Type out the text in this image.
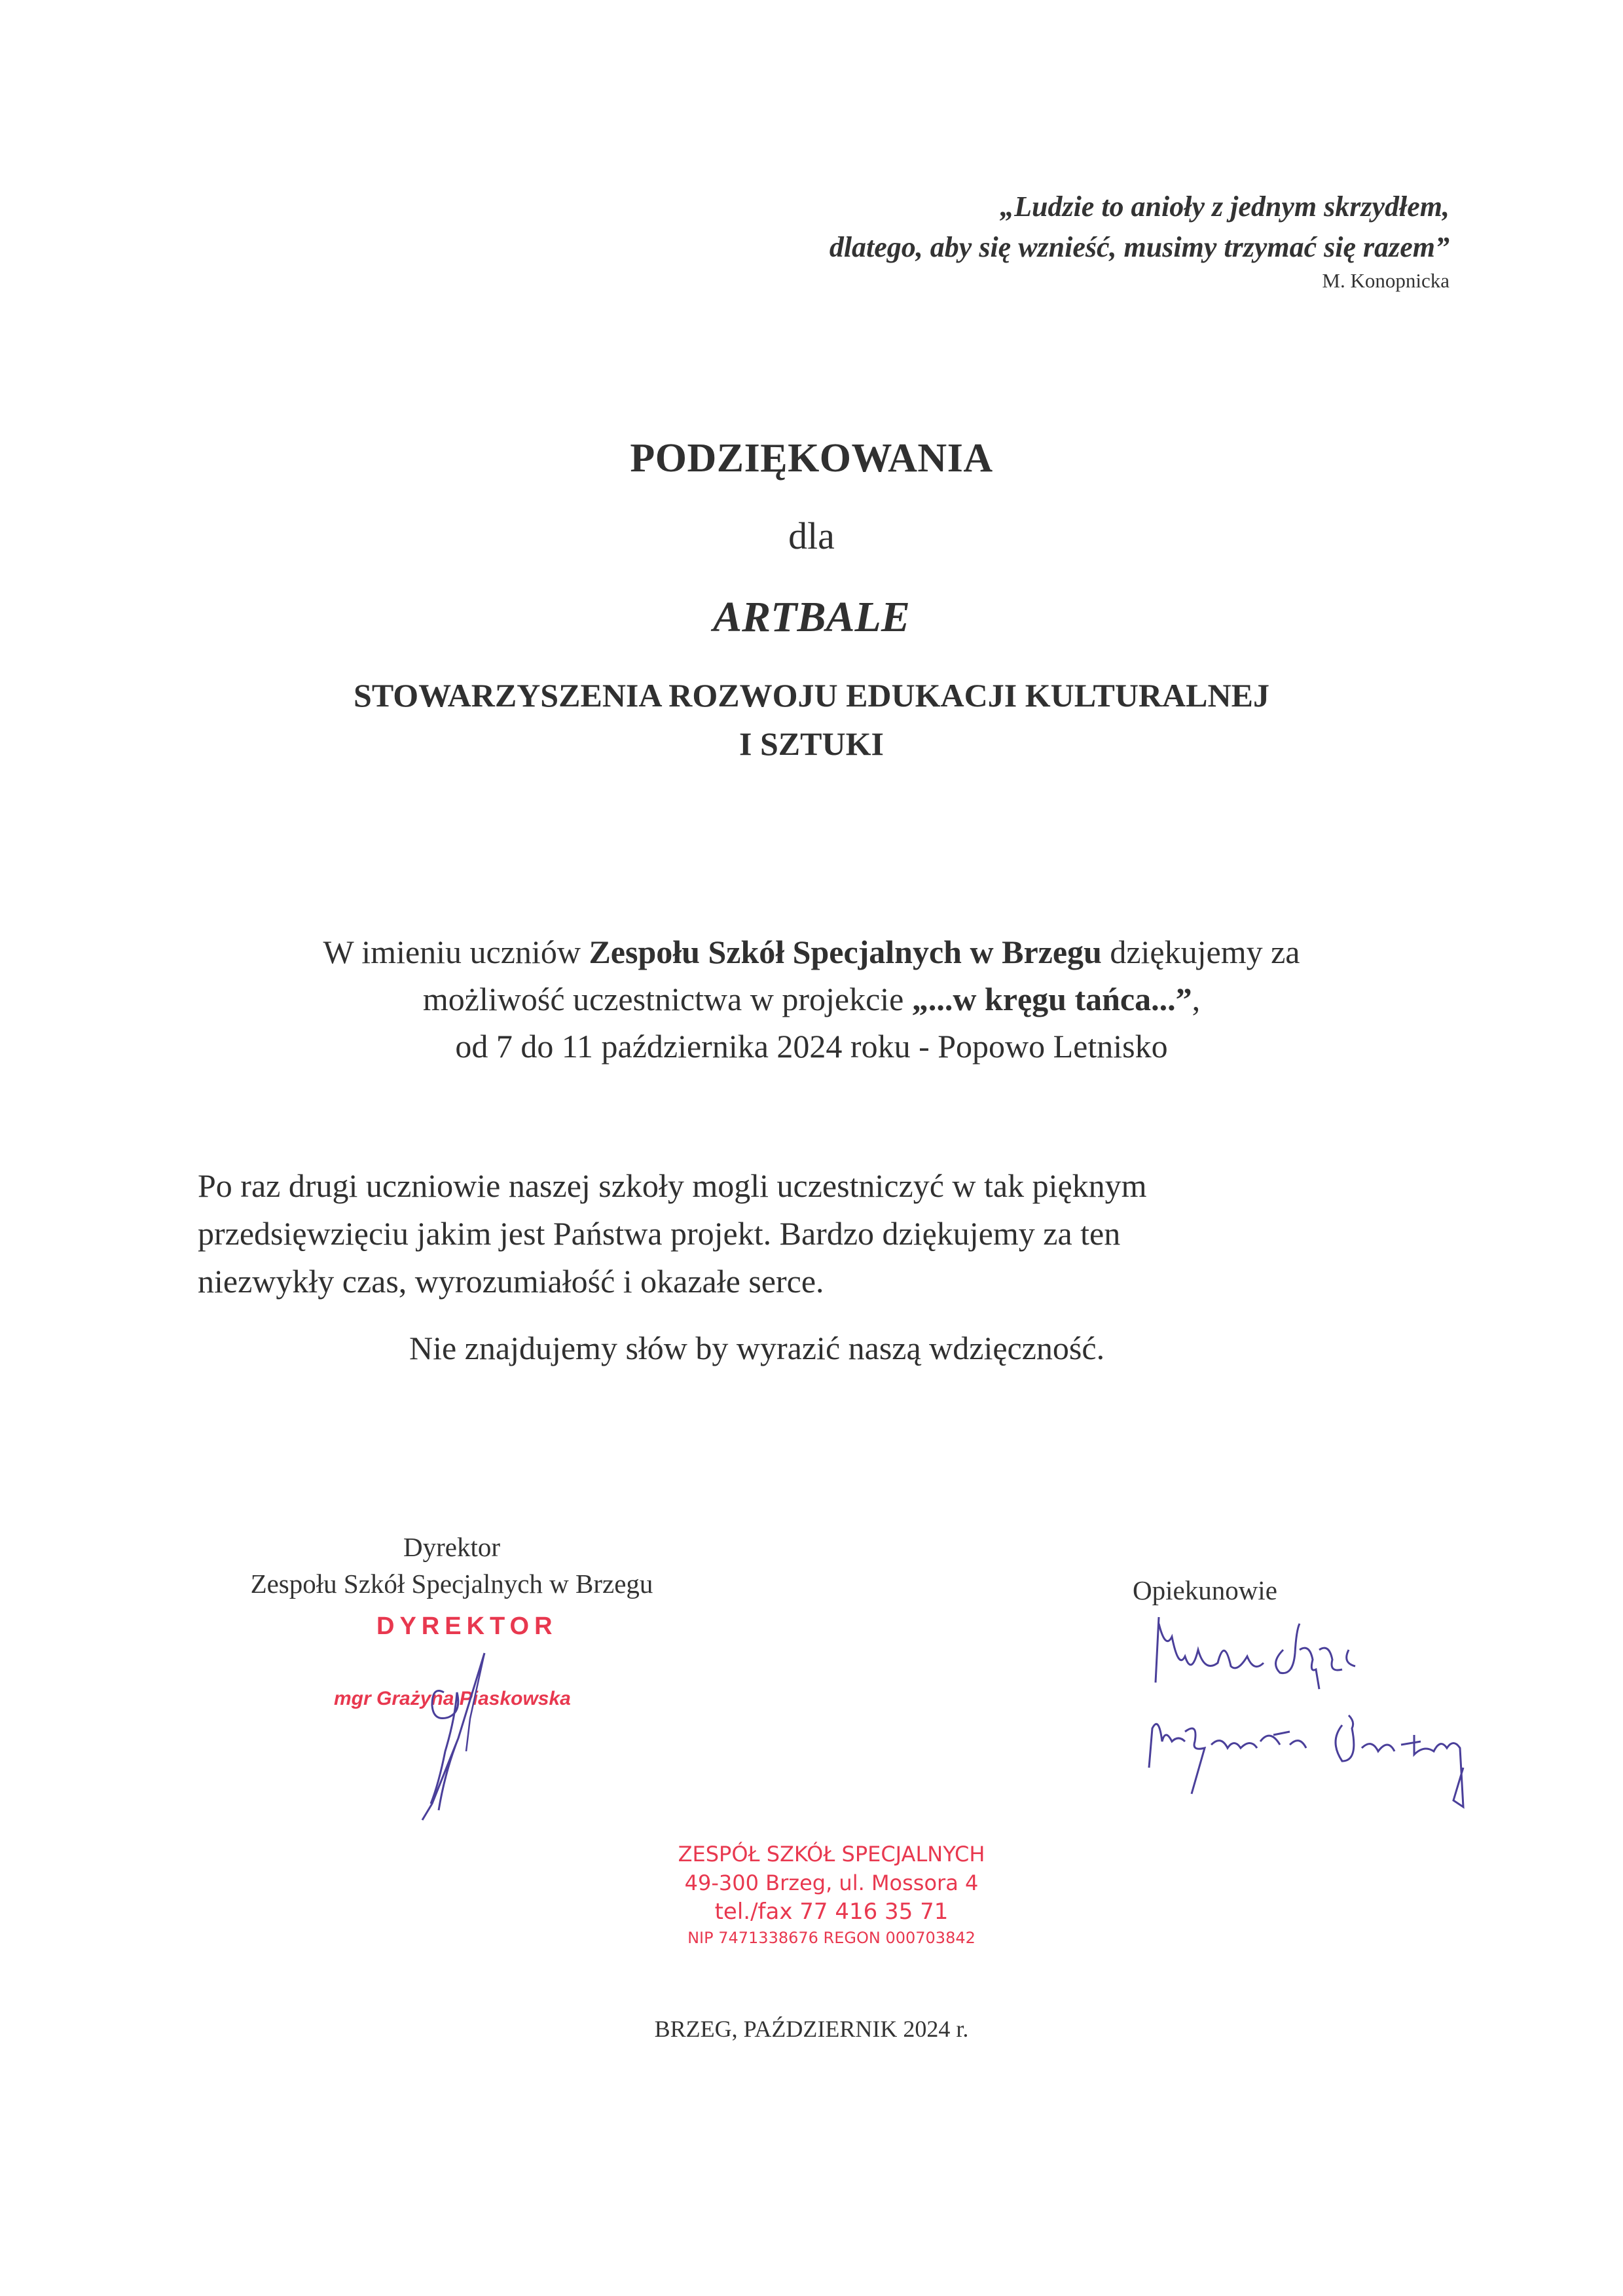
„Ludzie to anioły z jednym skrzydłem,
dlatego, aby się wznieść, musimy trzymać się razem”
M. Konopnicka
PODZIĘKOWANIA
dla
ARTBALE
STOWARZYSZENIA ROZWOJU EDUKACJI KULTURALNEJ
I SZTUKI
W imieniu uczniów Zespołu Szkół Specjalnych w Brzegu dziękujemy za
możliwość uczestnictwa w projekcie „...w kręgu tańca...”,
od 7 do 11 października 2024 roku - Popowo Letnisko
Po raz drugi uczniowie naszej szkoły mogli uczestniczyć w tak pięknym
przedsięwzięciu jakim jest Państwa projekt. Bardzo dziękujemy za ten
niezwykły czas, wyrozumiałość i okazałe serce.
Nie znajdujemy słów by wyrazić naszą wdzięczność.
Dyrektor
Zespołu Szkół Specjalnych w Brzegu
DYREKTOR
mgr Grażyna Piaskowska
Opiekunowie
ZESPÓŁ SZKÓŁ SPECJALNYCH
49-300 Brzeg, ul. Mossora 4
tel./fax 77 416 35 71
NIP 7471338676 REGON 000703842
BRZEG, PAŹDZIERNIK 2024 r.
